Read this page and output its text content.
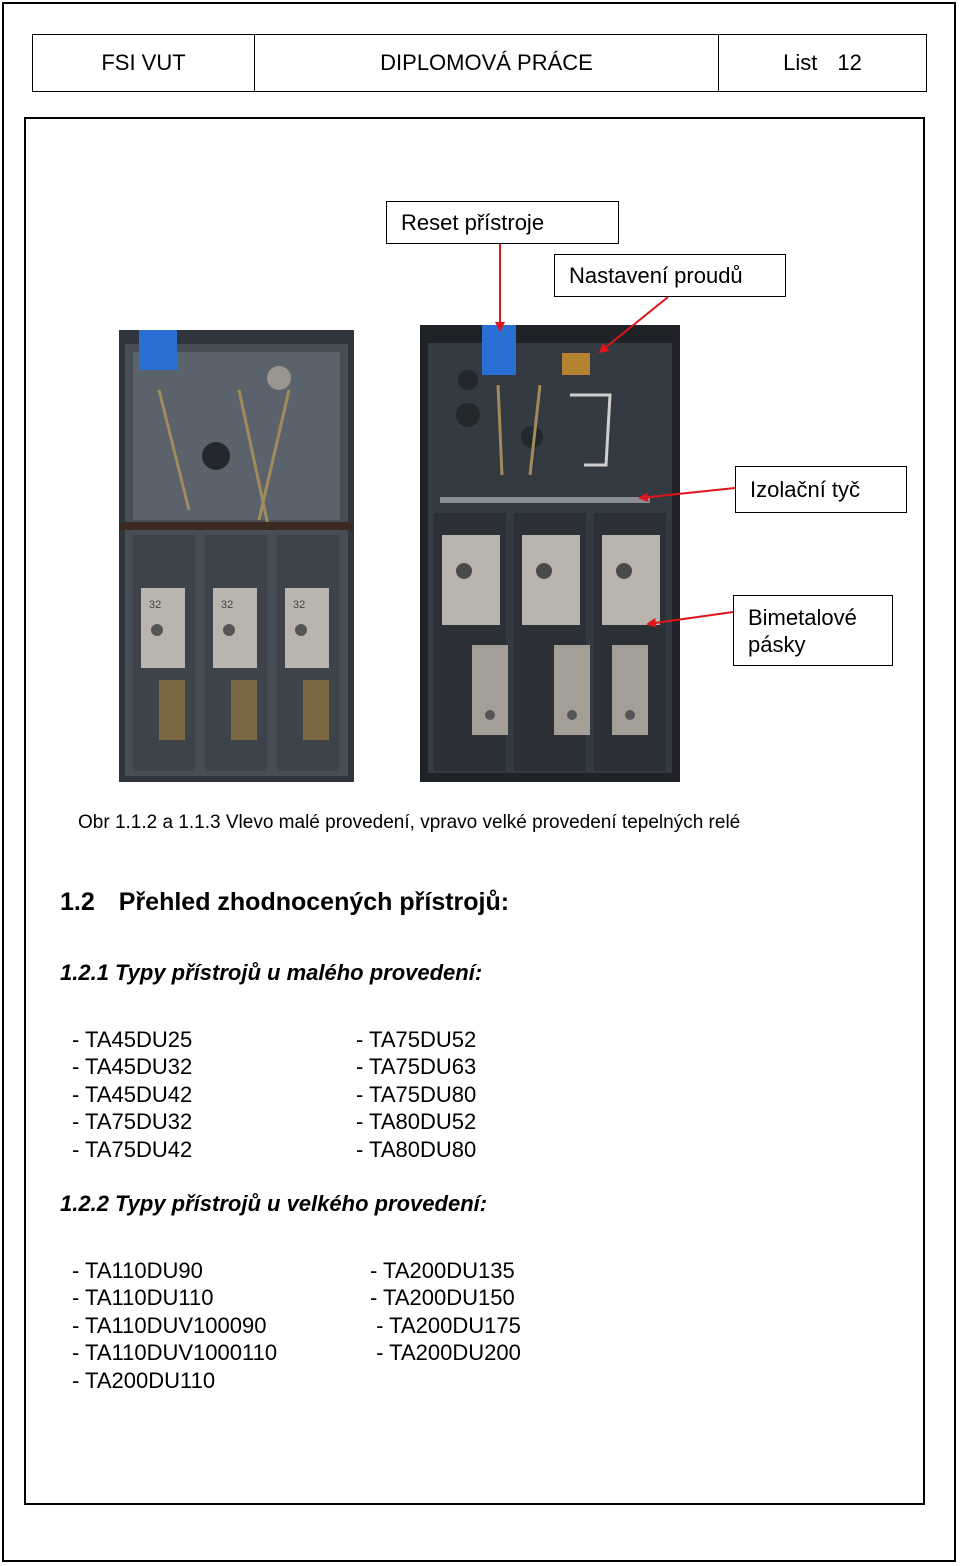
FSI VUT	DIPLOMOVÁ PRÁCE	List 12
32	32	32
Reset přístroje
Nastavení proudů
Izolační tyč
Bimetalové
pásky
Obr 1.1.2 a 1.1.3 Vlevo malé provedení, vpravo velké provedení tepelných relé
1.2 Přehled zhodnocených přístrojů:
1.2.1 Typy přístrojů u malého provedení:
- TA45DU25
- TA45DU32
- TA45DU42
- TA75DU32
- TA75DU42
- TA75DU52
- TA75DU63
- TA75DU80
- TA80DU52
- TA80DU80
1.2.2 Typy přístrojů u velkého provedení:
- TA110DU90
- TA110DU110
- TA110DUV100090
- TA110DUV1000110
- TA200DU110
- TA200DU135
- TA200DU150
- TA200DU175
- TA200DU200
